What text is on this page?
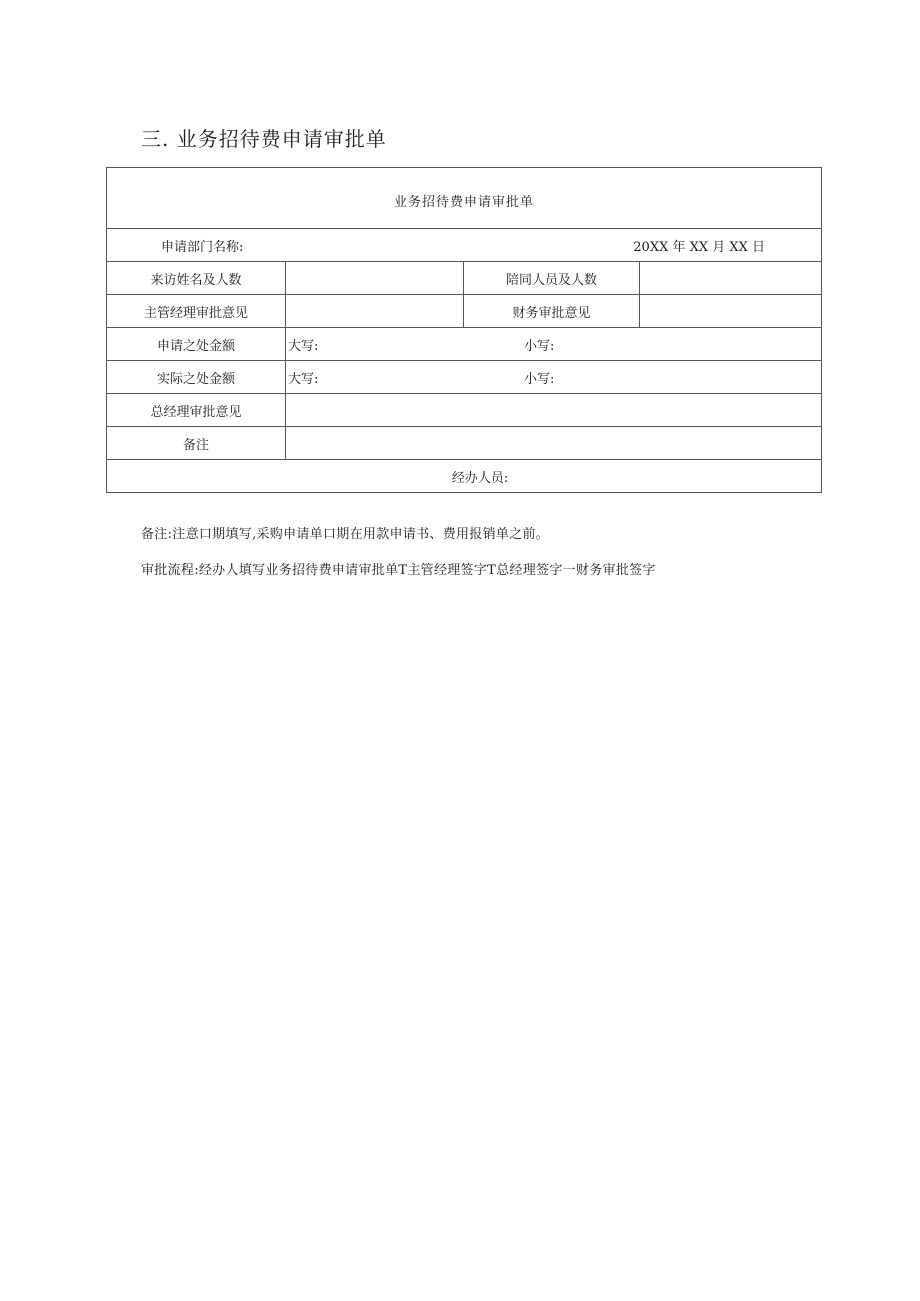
三. 业务招待费申请审批单
业务招待费申请审批单			

申请部门名称: 20XX 年 XX 月 XX 日			

来访姓名及人数		陪同人员及人数	
主管经理审批意见		财务审批意见	
申请之处金额	大写: 小写:		

实际之处金额	大写: 小写:		

总经理审批意见			
备注			

经办人员:			
备注:注意口期填写,采购申请单口期在用款申请书、费用报销单之前。
审批流程:经办人填写业务招待费申请审批单T主管经理签字T总经理签字一财务审批签字
